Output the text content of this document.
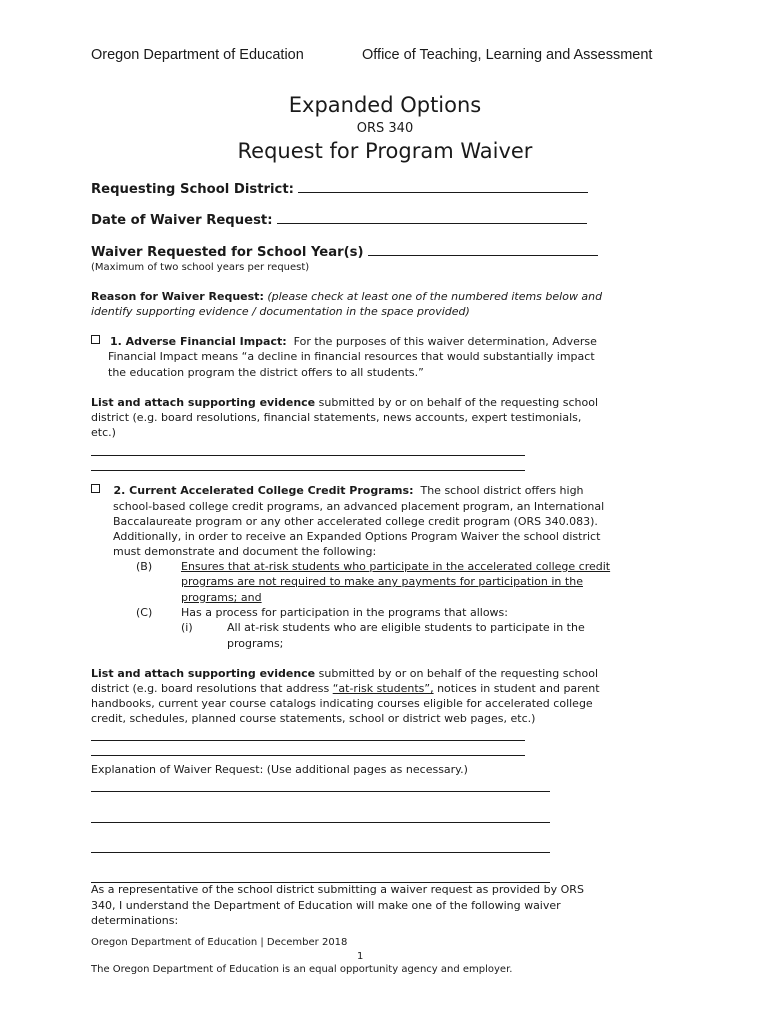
Oregon Department of Education	Office of Teaching, Learning and Assessment
Expanded Options
ORS 340
Request for Program Waiver
Requesting School District:
Date of Waiver Request:
Waiver Requested for School Year(s)
(Maximum of two school years per request)
Reason for Waiver Request: (please check at least one of the numbered items below and
identify supporting evidence / documentation in the space provided)
1. Adverse Financial Impact: For the purposes of this waiver determination, Adverse
Financial Impact means “a decline in financial resources that would substantially impact
the education program the district offers to all students.”
List and attach supporting evidence submitted by or on behalf of the requesting school
district (e.g. board resolutions, financial statements, news accounts, expert testimonials,
etc.)
2. Current Accelerated College Credit Programs: The school district offers high
school-based college credit programs, an advanced placement program, an International
Baccalaureate program or any other accelerated college credit program (ORS 340.083).
Additionally, in order to receive an Expanded Options Program Waiver the school district
must demonstrate and document the following:
(B)	Ensures that at-risk students who participate in the accelerated college credit
programs are not required to make any payments for participation in the
programs; and
(C)	Has a process for participation in the programs that allows:
(i)	All at-risk students who are eligible students to participate in the
programs;
List and attach supporting evidence submitted by or on behalf of the requesting school
district (e.g. board resolutions that address “at-risk students”, notices in student and parent
handbooks, current year course catalogs indicating courses eligible for accelerated college
credit, schedules, planned course statements, school or district web pages, etc.)
Explanation of Waiver Request: (Use additional pages as necessary.)
As a representative of the school district submitting a waiver request as provided by ORS
340, I understand the Department of Education will make one of the following waiver
determinations:
Oregon Department of Education | December 2018
1
The Oregon Department of Education is an equal opportunity agency and employer.
